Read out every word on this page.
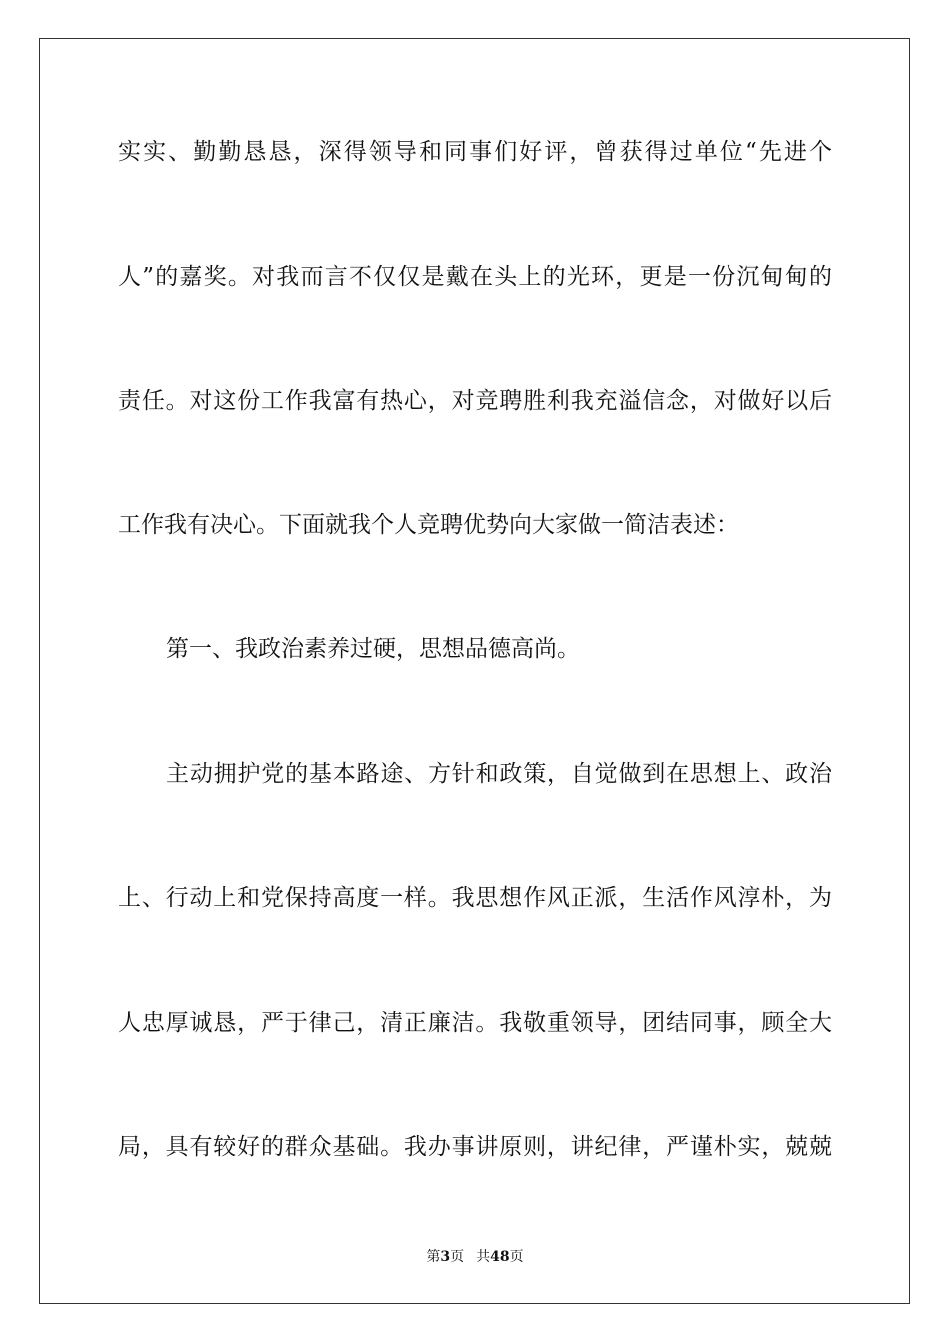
实实、勤勤恳恳，深得领导和同事们好评，曾获得过单位“先进个
人”的嘉奖。对我而言不仅仅是戴在头上的光环，更是一份沉甸甸的
责任。对这份工作我富有热心，对竞聘胜利我充溢信念，对做好以后
工作我有决心。下面就我个人竞聘优势向大家做一简洁表述：
第一、我政治素养过硬，思想品德高尚。
主动拥护党的基本路途、方针和政策，自觉做到在思想上、政治
上、行动上和党保持高度一样。我思想作风正派，生活作风淳朴，为
人忠厚诚恳，严于律己，清正廉洁。我敬重领导，团结同事，顾全大
局，具有较好的群众基础。我办事讲原则，讲纪律，严谨朴实，兢兢
第3页 共48页
